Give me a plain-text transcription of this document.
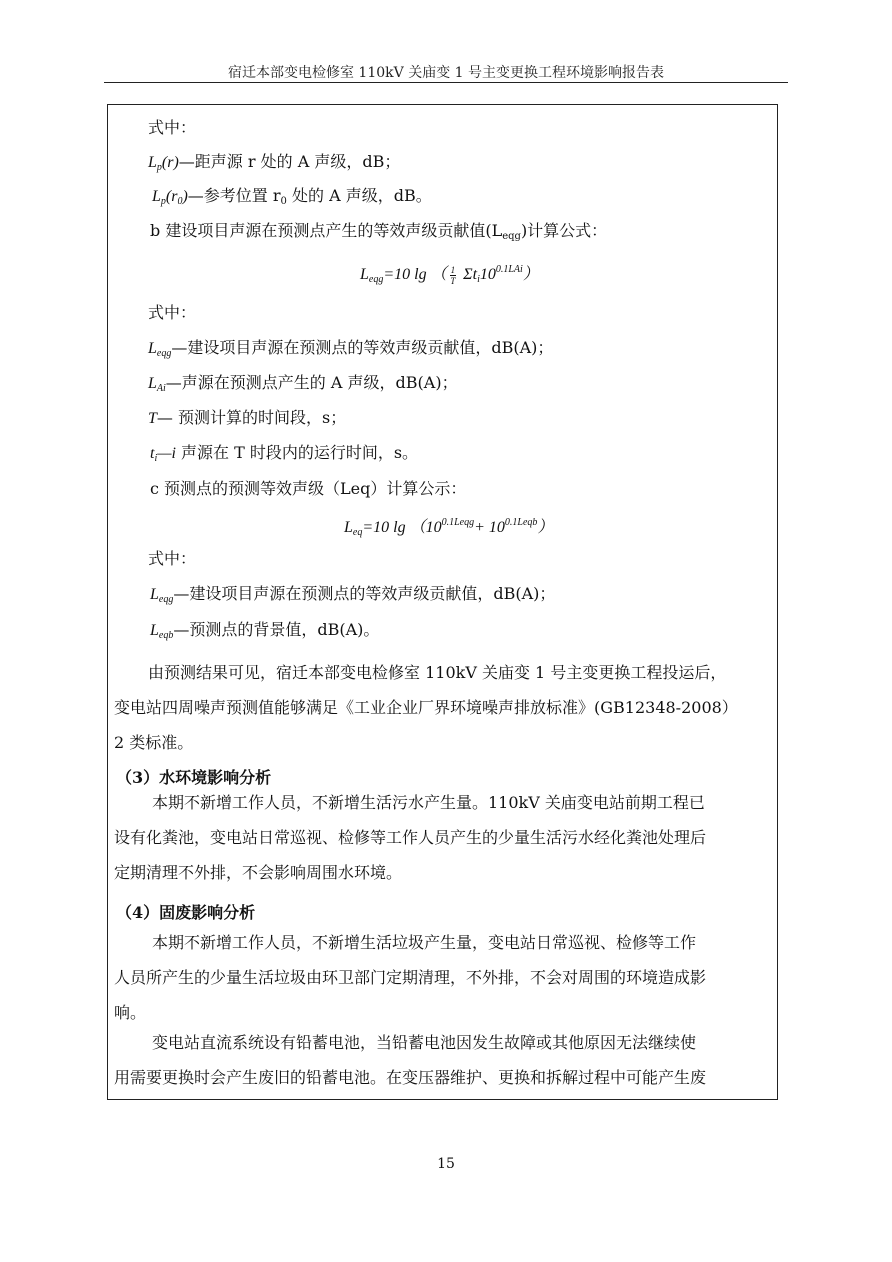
宿迁本部变电检修室 110kV 关庙变 1 号主变更换工程环境影响报告表
式中：
$L_p(r)—$距声源 r 处的 A 声级，dB；
$L_p(r_0)—$参考位置 $r_0$ 处的 A 声级，dB。
b 建设项目声源在预测点产生的等效声级贡献值$(L_{eqg})$计算公式：
$L_{eqg}=10$ lg （ $\frac{1}{T} \Sigma t_i10^{0.1LAi}$）
式中：
$L_{eqg}—$建设项目声源在预测点的等效声级贡献值，dB(A)；
$L_{Ai}—$声源在预测点产生的 A 声级，dB(A)；
T— 预测计算的时间段，s；
$t_i—i$ 声源在 T 时段内的运行时间，s。
c 预测点的预测等效声级（Leq）计算公示：
$L_{eq}=10$ $\lg (10^{0.1Leqg}+ 10^{0.1Leqb})$
式中：
$L_{eqg}—$建设项目声源在预测点的等效声级贡献值，dB(A)；
$L_{eqb}—$预测点的背景值，dB(A)。
由预测结果可见，宿迁本部变电检修室 110kV 关庙变 1 号主变更换工程投运后，
变电站四周噪声预测值能够满足《工业企业厂界环境噪声排放标准》(GB12348-2008）
2 类标准。
（3）水环境影响分析
本期不新增工作人员，不新增生活污水产生量。110kV 关庙变电站前期工程已
设有化粪池，变电站日常巡视、检修等工作人员产生的少量生活污水经化粪池处理后
定期清理不外排，不会影响周围水环境。
（4）固废影响分析
本期不新增工作人员，不新增生活垃圾产生量，变电站日常巡视、检修等工作
人员所产生的少量生活垃圾由环卫部门定期清理，不外排，不会对周围的环境造成影
响。
变电站直流系统设有铅蓄电池，当铅蓄电池因发生故障或其他原因无法继续使
用需要更换时会产生废旧的铅蓄电池。在变压器维护、更换和拆解过程中可能产生废
15
